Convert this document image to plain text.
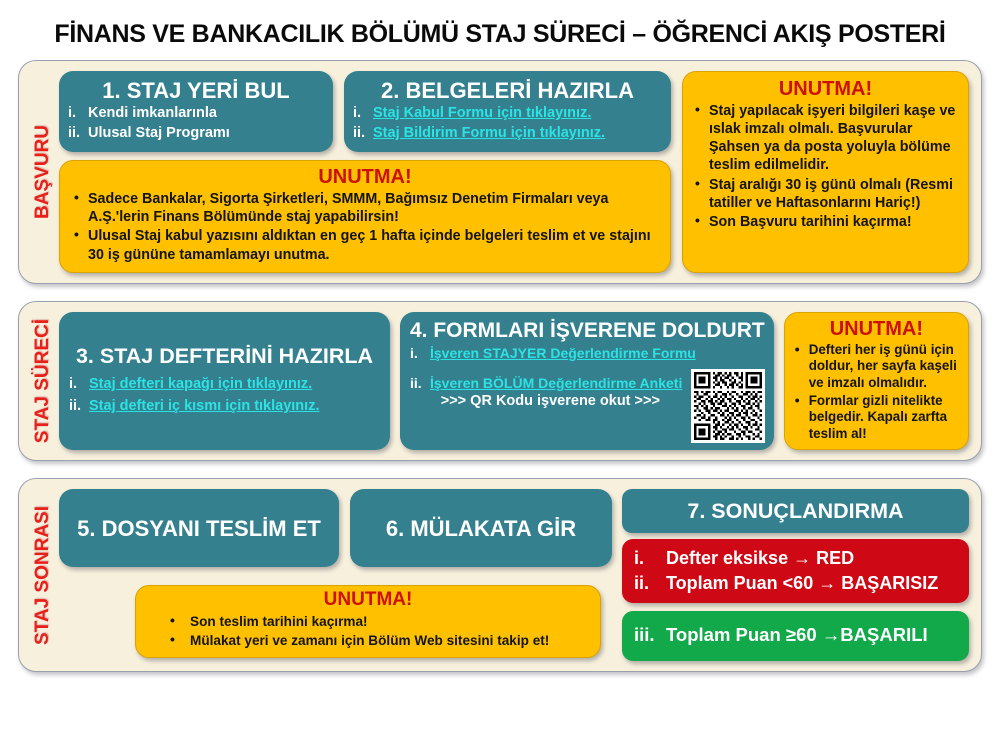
FİNANS VE BANKACILIK BÖLÜMÜ STAJ SÜRECİ – ÖĞRENCİ AKIŞ POSTERİ
BAŞVURU
1. STAJ YERİ BUL
i. Kendi imkanlarınla
ii. Ulusal Staj Programı
2. BELGELERİ HAZIRLA
i. Staj Kabul Formu için tıklayınız.
ii. Staj Bildirim Formu için tıklayınız.
UNUTMA!
• Sadece Bankalar, Sigorta Şirketleri, SMMM, Bağımsız Denetim Firmaları veya A.Ş.'lerin Finans Bölümünde staj yapabilirsin!
• Ulusal Staj kabul yazısını aldıktan en geç 1 hafta içinde belgeleri teslim et ve stajını 30 iş gününe tamamlamayı unutma.
UNUTMA!
• Staj yapılacak işyeri bilgileri kaşe ve ıslak imzalı olmalı. Başvurular Şahsen ya da posta yoluyla bölüme teslim edilmelidir.
• Staj aralığı 30 iş günü olmalı (Resmi tatiller ve Haftasonlarını Hariç!)
• Son Başvuru tarihini kaçırma!
STAJ SÜRECİ	3. STAJ DEFTERİNİ HAZIRLA
i. Staj defteri kapağı için tıklayınız.
ii. Staj defteri iç kısmı için tıklayınız.
4. FORMLARI İŞVERENE DOLDURT
i. İşveren STAJYER Değerlendirme Formu
ii. İşveren BÖLÜM Değerlendirme Anketi
>>> QR Kodu işverene okut >>>
UNUTMA!
• Defteri her iş günü için doldur, her sayfa kaşeli ve imzalı olmalıdır.
• Formlar gizli nitelikte belgedir. Kapalı zarfta teslim al!
STAJ SONRASI 5. DOSYANI TESLİM ET	6. MÜLAKATA GİR
UNUTMA!
• Son teslim tarihini kaçırma!
• Mülakat yeri ve zamanı için Bölüm Web sitesini takip et!
7. SONUÇLANDIRMA
i.	Defter eksikse → RED
ii. Toplam Puan <60 → BAŞARISIZ
iii. Toplam Puan ≥60 →BAŞARILI
